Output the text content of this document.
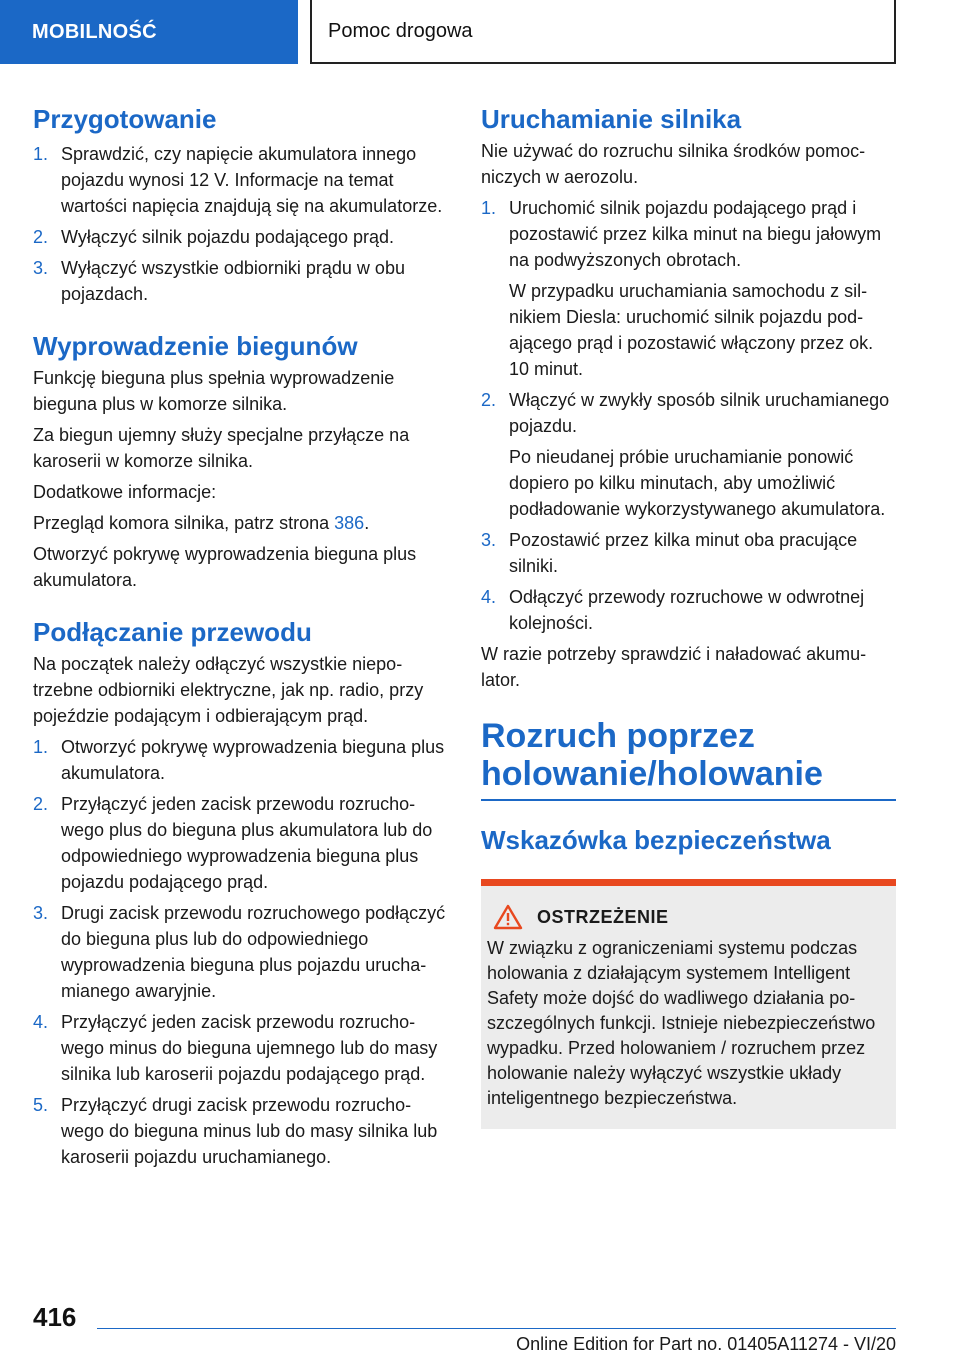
MOBILNOŚĆ	Pomoc drogowa
Przygotowanie
1. Sprawdzić, czy napięcie akumulatora innego pojazdu wynosi 12 V. Informacje na temat wartości napięcia znajdują się na akumulatorze.
2. Wyłączyć silnik pojazdu podającego prąd.
3. Wyłączyć wszystkie odbiorniki prądu w obu pojazdach.
Wyprowadzenie biegunów

Funkcję bieguna plus spełnia wyprowadzenie bieguna plus w komorze silnika.

Za biegun ujemny służy specjalne przyłącze na karoserii w komorze silnika.

Dodatkowe informacje:

Przegląd komora silnika, patrz strona 386.

Otworzyć pokrywę wyprowadzenia bieguna plus akumulatora.

Podłączanie przewodu

Na początek należy odłączyć wszystkie niepotrzebne odbiorniki elektryczne, jak np. radio, przy pojeździe podającym i odbierającym prąd.

1. Otworzyć pokrywę wyprowadzenia bieguna plus akumulatora.
2. Przyłączyć jeden zacisk przewodu rozruchowego plus do bieguna plus akumulatora lub do odpowiedniego wyprowadzenia bieguna plus pojazdu podającego prąd.
3. Drugi zacisk przewodu rozruchowego podłączyć do bieguna plus lub do odpowiedniego wyprowadzenia bieguna plus pojazdu uruchamianego awaryjnie.
4. Przyłączyć jeden zacisk przewodu rozruchowego minus do bieguna ujemnego lub do masy silnika lub karoserii pojazdu podającego prąd.
5. Przyłączyć drugi zacisk przewodu rozruchowego do bieguna minus lub do masy silnika lub karoserii pojazdu uruchamianego.
Uruchamianie silnika

Nie używać do rozruchu silnika środków pomocniczych w aerozolu.

1. Uruchomić silnik pojazdu podającego prąd i pozostawić przez kilka minut na biegu jałowym na podwyższonych obrotach.
W przypadku uruchamiania samochodu z silnikiem Diesla: uruchomić silnik pojazdu podającego prąd i pozostawić włączony przez ok. 10 minut.
2. Włączyć w zwykły sposób silnik uruchamianego pojazdu.
Po nieudanej próbie uruchamianie ponowić dopiero po kilku minutach, aby umożliwić podładowanie wykorzystywanego akumulatora.
3. Pozostawić przez kilka minut oba pracujące silniki.
4. Odłączyć przewody rozruchowe w odwrotnej kolejności.

W razie potrzeby sprawdzić i naładować akumulator.

Rozruch poprzez holowanie/holowanie
Wskazówka bezpieczeństwa
OSTRZEŻENIE

W związku z ograniczeniami systemu podczas holowania z działającym systemem Intelligent Safety może dojść do wadliwego działania poszczególnych funkcji. Istnieje niebezpieczeństwo wypadku. Przed holowaniem / rozruchem przez holowanie należy wyłączyć wszystkie układy inteligentnego bezpieczeństwa.

416
Online Edition for Part no. 01405A11274 - VI/20
